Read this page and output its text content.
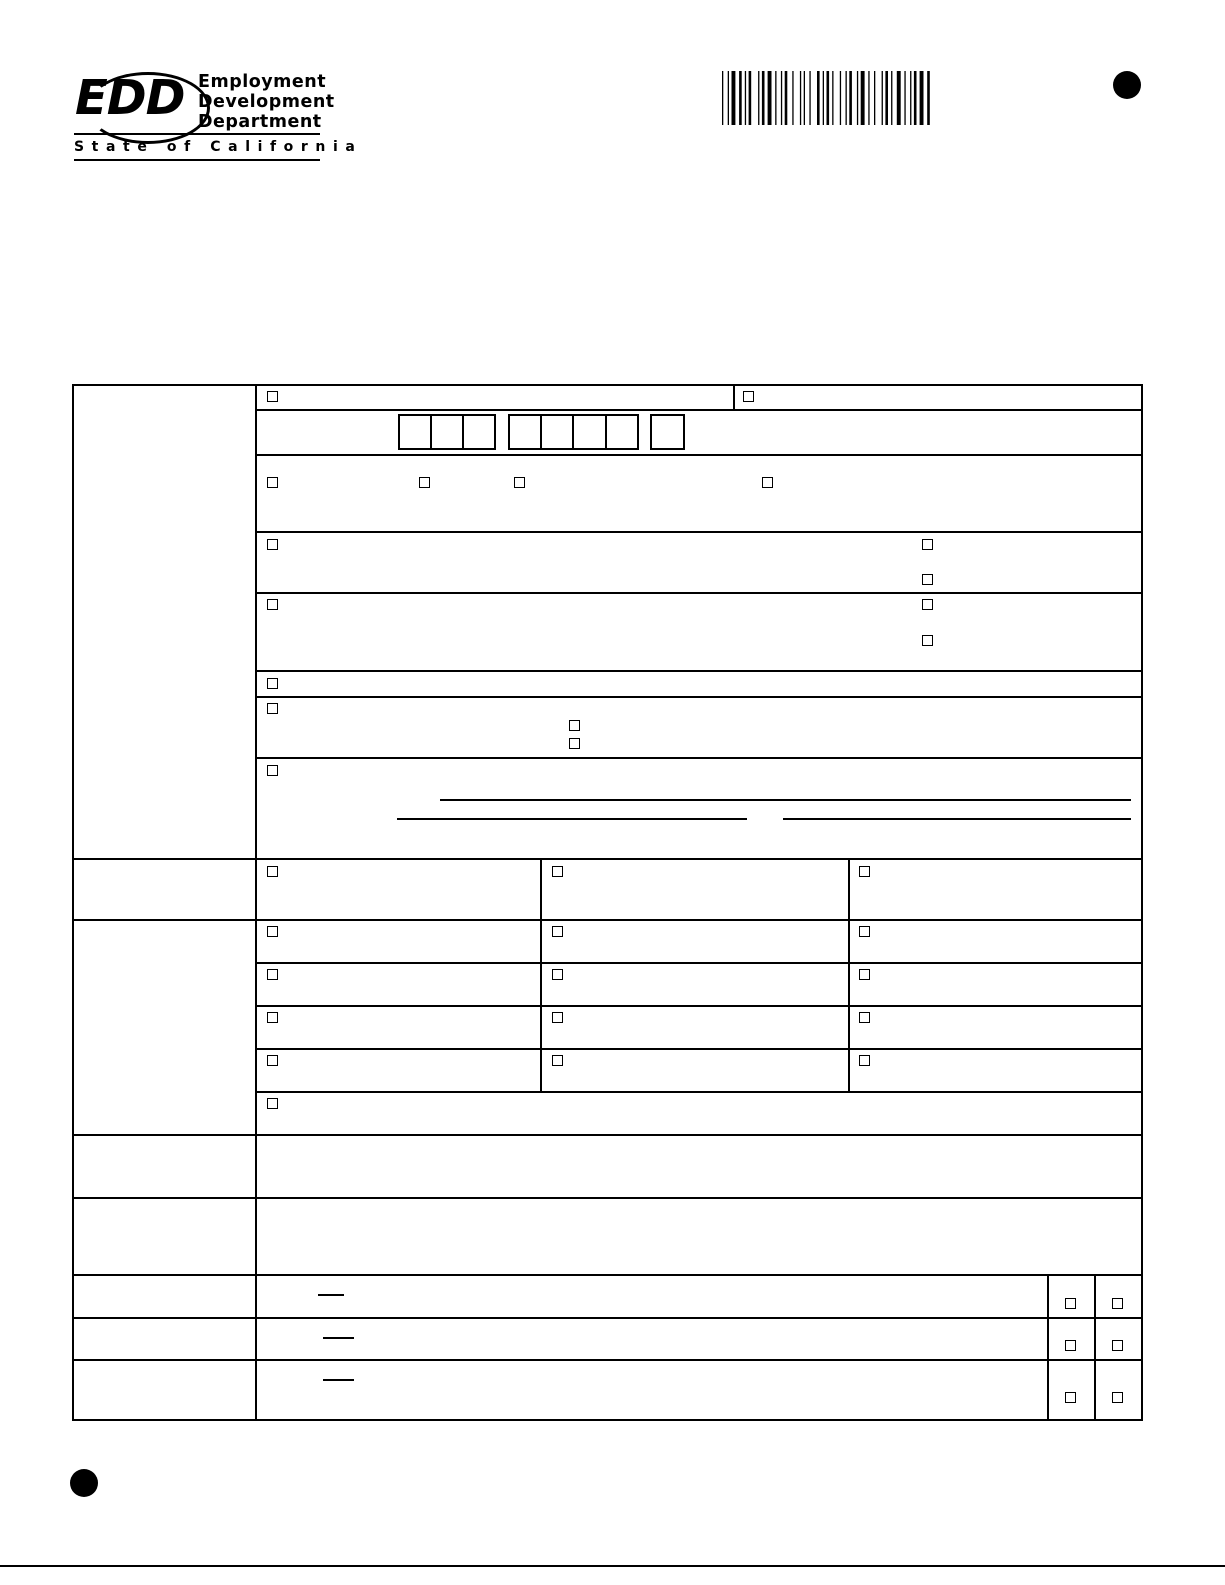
EDD Employment
Development
Department
State of California
